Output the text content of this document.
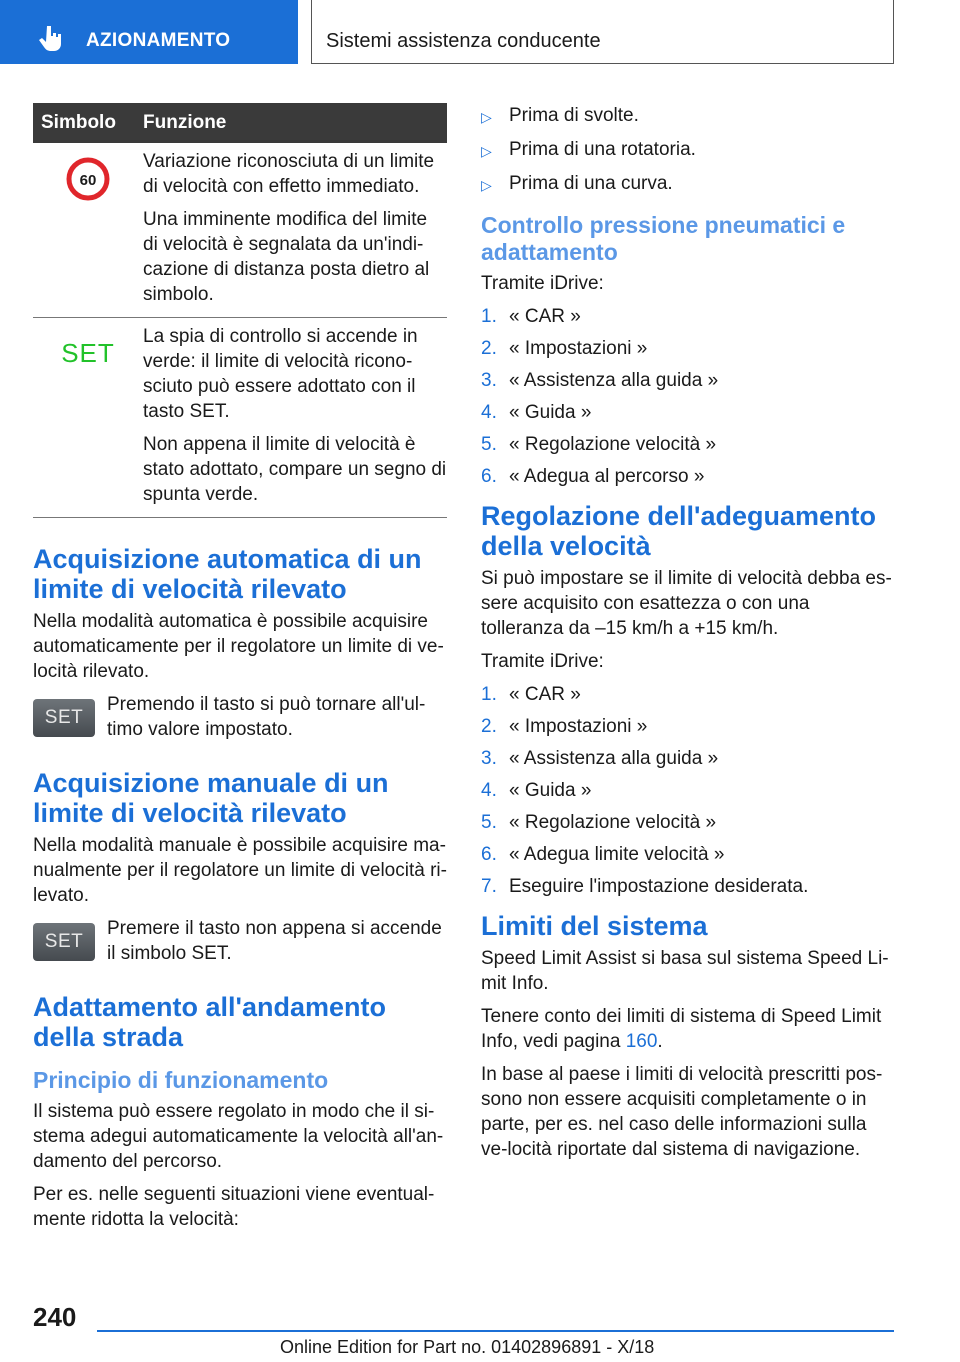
AZIONAMENTO	Sistemi assistenza conducente
Simbolo	Funzione

60	Variazione riconosciuta di un limite di velocità con effetto immediato.

Una imminente modifica del limite di velocità è segnalata da un'indi-cazione di distanza posta dietro al simbolo.

SET	La spia di controllo si accende in verde: il limite di velocità ricono-sciuto può essere adottato con il tasto SET.

Non appena il limite di velocità è stato adottato, compare un segno di spunta verde.

Acquisizione automatica di un limite di velocità rilevato

Nella modalità automatica è possibile acquisire automaticamente per il regolatore un limite di ve-locità rilevato.

SET
Premendo il tasto si può tornare all'ul-timo valore impostato.
Acquisizione manuale di un limite di velocità rilevato

Nella modalità manuale è possibile acquisire ma-nualmente per il regolatore un limite di velocità ri-levato.

SET
Premere il tasto non appena si accende il simbolo SET.
Adattamento all'andamento della strada
Principio di funzionamento

Il sistema può essere regolato in modo che il si-stema adegui automaticamente la velocità all'an-damento del percorso.

Per es. nelle seguenti situazioni viene eventual-mente ridotta la velocità:

▷ Prima di svolte.
▷ Prima di una rotatoria.
▷ Prima di una curva.
Controllo pressione pneumatici e adattamento

Tramite iDrive:

1. « CAR »
2. « Impostazioni »
3. « Assistenza alla guida »
4. « Guida »
5. « Regolazione velocità »
6. « Adegua al percorso »
Regolazione dell'adeguamento della velocità

Si può impostare se il limite di velocità debba es-sere acquisito con esattezza o con una tolleranza da –15 km/h a +15 km/h.

Tramite iDrive:

1. « CAR »
2. « Impostazioni »
3. « Assistenza alla guida »
4. « Guida »
5. « Regolazione velocità »
6. « Adegua limite velocità »
7. Eseguire l'impostazione desiderata.
Limiti del sistema

Speed Limit Assist si basa sul sistema Speed Li-mit Info.

Tenere conto dei limiti di sistema di Speed Limit Info, vedi pagina 160.

In base al paese i limiti di velocità prescritti pos-sono non essere acquisiti completamente o in parte, per es. nel caso delle informazioni sulla ve-locità riportate dal sistema di navigazione.

240
Online Edition for Part no. 01402896891 - X/18
